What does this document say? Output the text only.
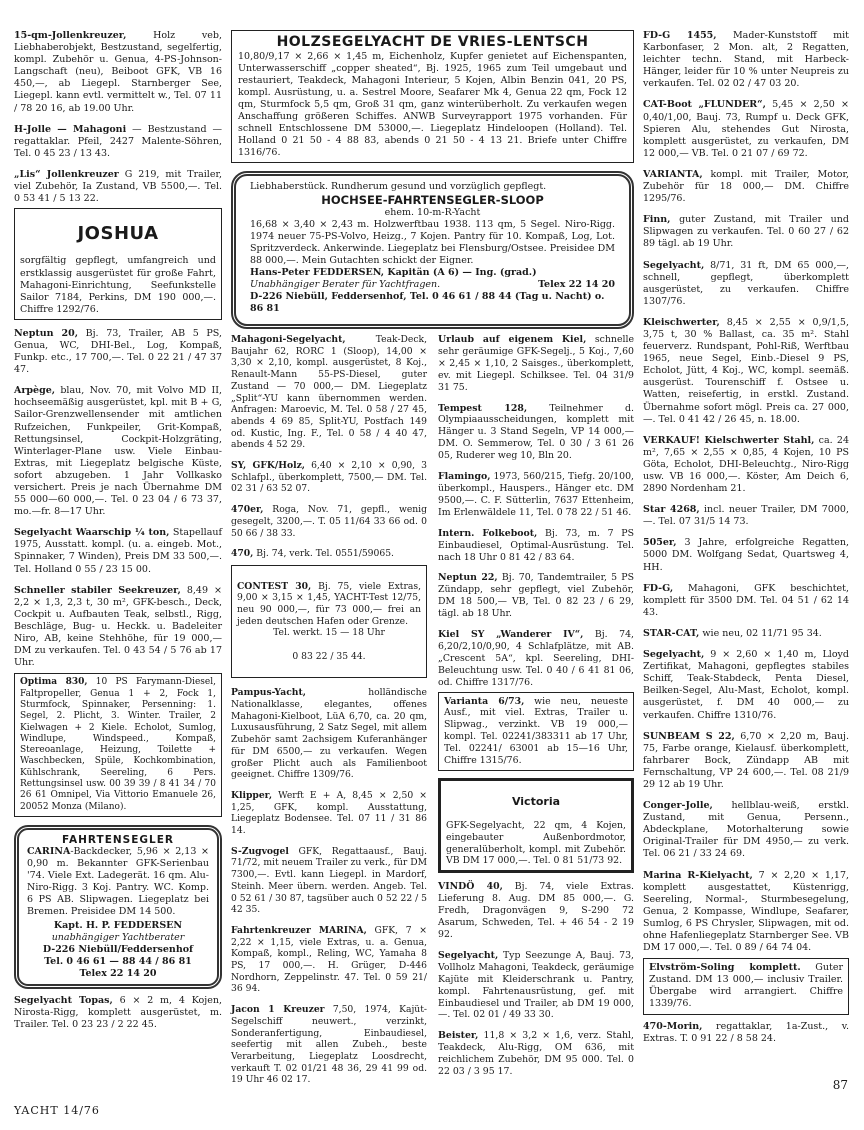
15-qm-Jollenkreuzer, Holz veb, Liebhaberobjekt, Bestzustand, segelfertig, kompl. Zubehör u. Genua, 4-PS-Johnson-Langschaft (neu), Beiboot GFK, VB 16 450,—, ab Liegepl. Starnberger See, Liegepl. kann evtl. vermittelt w., Tel. 07 11 / 78 20 16, ab 19.00 Uhr.

H-Jolle — Mahagoni — Bestzustand — regattaklar. Pfeil, 2427 Malente-Söhren, Tel. 0 45 23 / 13 43.

„Lis“ Jollenkreuzer G 219, mit Trailer, viel Zubehör, Ia Zustand, VB 5500,—. Tel. 0 53 41 / 5 13 22.

JOSHUA

sorgfältig gepflegt, umfangreich und erstklassig ausgerüstet für große Fahrt, Mahagoni-Einrichtung, Seefunkstelle Sailor 7184, Perkins, DM 190 000,—. Chiffre 1292/76.

Neptun 20, Bj. 73, Trailer, AB 5 PS, Genua, WC, DHI-Bel., Log, Kompaß, Funkp. etc., 17 700,—. Tel. 0 22 21 / 47 37 47.

Arpège, blau, Nov. 70, mit Volvo MD II, hochseemäßig ausgerüstet, kpl. mit B + G, Sailor-Grenzwellensender mit amtlichen Rufzeichen, Funkpeiler, Grit-Kompaß, Rettungsinsel, Cockpit-Holzgräting, Winterlager-Plane usw. Viele Einbau-Extras, mit Liegeplatz belgische Küste, sofort abzugeben. 1 Jahr Vollkasko versichert. Preis je nach Übernahme DM 55 000—60 000,—. Tel. 0 23 04 / 6 73 37, mo.—fr. 8—17 Uhr.

Segelyacht Waarschip ¼ ton, Stapellauf 1975, Ausstatt. kompl. (u. a. eingeb. Mot., Spinnaker, 7 Winden), Preis DM 33 500,—. Tel. Holland 0 55 / 23 15 00.

Schneller stabiler Seekreuzer, 8,49 × 2,2 × 1,3, 2,3 t, 30 m², GFK-besch., Deck, Cockpit u. Aufbauten Teak, selbstl., Rigg, Beschläge, Bug- u. Heckk. u. Badeleiter Niro, AB, keine Stehhöhe, für 19 000,— DM zu verkaufen. Tel. 0 43 54 / 5 76 ab 17 Uhr.

Optima 830, 10 PS Farymann-Diesel, Faltpropeller, Genua 1 + 2, Fock 1, Sturmfock, Spinnaker, Persenning: 1. Segel, 2. Plicht, 3. Winter. Trailer, 2 Kielwagen + 2 Kiele. Echolot, Sumlog, Windlupe, Windspeed., Kompaß, Stereoanlage, Heizung, Toilette + Waschbecken, Spüle, Kochkombination, Kühlschrank, Seereling, 6 Pers. Rettungsinsel usw. 00 39 39 / 8 41 34 / 70 26 61 Omnipel, Via Vittorio Emanuele 26, 20052 Monza (Milano).
FAHRTENSEGLER
CARINA-Backdecker, 5,96 × 2,13 × 0,90 m. Bekannter GFK-Serienbau '74. Viele Ext. Ladegerät. 16 qm. Alu-Niro-Rigg. 3 Koj. Pantry. WC. Komp. 6 PS AB. Slipwagen. Liegeplatz bei Bremen. Preisidee DM 14 500.
Kapt. H. P. FEDDERSEN
unabhängiger Yachtberater
D-226 Niebüll/Feddersenhof
Tel. 0 46 61 — 88 44 / 86 81
Telex 22 14 20

Segelyacht Topas, 6 × 2 m, 4 Kojen, Nirosta-Rigg, komplett ausgerüstet, m. Trailer. Tel. 0 23 23 / 2 22 45.

HOLZSEGELYACHT DE VRIES-LENTSCH
10,80/9,17 × 2,66 × 1,45 m, Eichenholz, Kupfer genietet auf Eichenspanten, Unterwasserschiff „copper sheated“, Bj. 1925, 1965 zum Teil umgebaut und restauriert, Teakdeck, Mahagoni Interieur, 5 Kojen, Albin Benzin 041, 20 PS, kompl. Ausrüstung, u. a. Sestrel Moore, Seafarer Mk 4, Genua 22 qm, Fock 12 qm, Sturmfock 5,5 qm, Groß 31 qm, ganz winterüberholt. Zu verkaufen wegen Anschaffung größeren Schiffes. ANWB Surveyrapport 1975 vorhanden. Für schnell Entschlossene DM 53000,—. Liegeplatz Hindeloopen (Holland). Tel. Holland 0 21 50 - 4 88 83, abends 0 21 50 - 4 13 21. Briefe unter Chiffre 1316/76.
Liebhaberstück. Rundherum gesund und vorzüglich gepflegt.
HOCHSEE-FAHRTENSEGLER-SLOOP
ehem. 10-m-R-Yacht
16,68 × 3,40 × 2,43 m. Holzwerftbau 1938. 113 qm, 5 Segel. Niro-Rigg. 1974 neuer 75-PS-Volvo, Heizg., 7 Kojen. Pantry für 10. Kompaß, Log, Lot. Spritzverdeck. Ankerwinde. Liegeplatz bei Flensburg/Ostsee. Preisidee DM 88 000,—. Mein Gutachten schickt der Eigner.
Hans-Peter FEDDERSEN, Kapitän (A 6) — Ing. (grad.)
Unabhängiger Berater für Yachtfragen.	Telex 22 14 20
D-226 Niebüll, Feddersenhof, Tel. 0 46 61 / 88 44 (Tag u. Nacht) o. 86 81

Mahagoni-Segelyacht, Teak-Deck, Baujahr 62, RORC 1 (Sloop), 14,00 × 3,30 × 2,10, kompl. ausgerüstet, 8 Koj., Renault-Mann 55-PS-Diesel, guter Zustand — 70 000,— DM. Liegeplatz „Split“-YU kann übernommen werden. Anfragen: Maroevic, M. Tel. 0 58 / 27 45, abends 4 69 85, Split-YU, Postfach 149 od. Kustic, Ing. F., Tel. 0 58 / 4 40 47, abends 4 52 29.

SY, GFK/Holz, 6,40 × 2,10 × 0,90, 3 Schlafpl., überkomplett, 7500,— DM. Tel. 02 31 / 63 52 07.

470er, Roga, Nov. 71, gepfl., wenig gesegelt, 3200,—. T. 05 11/64 33 66 od. 0 50 66 / 38 33.

470, Bj. 74, verk. Tel. 0551/59065.

CONTEST 30, Bj. 75, viele Extras, 9,00 × 3,15 × 1,45, YACHT-Test 12/75, neu 90 000,—, für 73 000,— frei an jeden deutschen Hafen oder Grenze.

Tel. werkt. 15 — 18 Uhr

0 83 22 / 35 44.

Pampus-Yacht, holländische Nationalklasse, elegantes, offenes Mahagoni-Kielboot, LüA 6,70, ca. 20 qm, Luxusausführung, 2 Satz Segel, mit allem Zubehör samt 2achsigem Kuferanhänger für DM 6500,— zu verkaufen. Wegen großer Plicht auch als Familienboot geeignet. Chiffre 1309/76.

Klipper, Werft E + A, 8,45 × 2,50 × 1,25, GFK, kompl. Ausstattung, Liegeplatz Bodensee. Tel. 07 11 / 31 86 14.

S-Zugvogel GFK, Regattaausf., Bauj. 71/72, mit neuem Trailer zu verk., für DM 7300,—. Evtl. kann Liegepl. in Mardorf, Steinh. Meer übern. werden. Angeb. Tel. 0 52 61 / 30 87, tagsüber auch 0 52 22 / 5 42 35.

Fahrtenkreuzer MARINA, GFK, 7 × 2,22 × 1,15, viele Extras, u. a. Genua, Kompaß, kompl., Reling, WC, Yamaha 8 PS, 17 000,—. H. Grüger, D-446 Nordhorn, Zeppelinstr. 47. Tel. 0 59 21/ 36 94.

Jacon 1 Kreuzer 7,50, 1974, Kajüt-Segelschiff neuwert., verzinkt, Sonderanfertigung, Einbaudiesel, seefertig mit allen Zubeh., beste Verarbeitung, Liegeplatz Loosdrecht, verkauft T. 02 01/21 48 36, 29 41 99 od. 19 Uhr 46 02 17.

Urlaub auf eigenem Kiel, schnelle sehr geräumige GFK-Segelj., 5 Koj., 7,60 × 2,45 × 1,10, 2 Saisges., überkomplett, ev. mit Liegepl. Schilksee. Tel. 04 31/9 31 75.

Tempest 128, Teilnehmer d. Olympiaausscheidungen, komplett mit Hänger u. 3 Stand Segeln, VP 14 000,— DM. O. Semmerow, Tel. 0 30 / 3 61 26 05, Ruderer weg 10, Bln 20.

Flamingo, 1973, 560/215, Tiefg. 20/100, überkompl., Hauspers., Hänger etc. DM 9500,—. C. F. Sütterlin, 7637 Ettenheim, Im Erlenwäldele 11, Tel. 0 78 22 / 51 46.

Intern. Folkeboot, Bj. 73, m. 7 PS Einbaudiesel, Optimal-Ausrüstung. Tel. nach 18 Uhr 0 81 42 / 83 64.

Neptun 22, Bj. 70, Tandemtrailer, 5 PS Zündapp, sehr gepflegt, viel Zubehör, DM 18 500,— VB, Tel. 0 82 23 / 6 29, tägl. ab 18 Uhr.

Kiel SY „Wanderer IV“, Bj. 74, 6,20/2,10/0,90, 4 Schlafplätze, mit AB. „Crescent 5A“, kpl. Seereling, DHI-Beleuchtung usw. Tel. 0 40 / 6 41 81 06, od. Chiffre 1317/76.

Varianta 6/73, wie neu, neueste Ausf., mit viel. Extras, Trailer u. Slipwag., verzinkt. VB 19 000,— kompl. Tel. 02241/383311 ab 17 Uhr, Tel. 02241/ 63001 ab 15—16 Uhr, Chiffre 1315/76.

Victoria

GFK-Segelyacht, 22 qm, 4 Kojen, eingebauter Außenbordmotor, generalüberholt, kompl. mit Zubehör. VB DM 17 000,—. Tel. 0 81 51/73 92.

VINDÖ 40, Bj. 74, viele Extras. Lieferung 8. Aug. DM 85 000,—. G. Fredh, Dragonvägen 9, S-290 72 Asarum, Schweden, Tel. + 46 54 - 2 19 92.

Segelyacht, Typ Seezunge A, Bauj. 73, Vollholz Mahagoni, Teakdeck, geräumige Kajüte mit Kleiderschrank u. Pantry, kompl. Fahrtenausrüstung, gef. mit Einbaudiesel und Trailer, ab DM 19 000,—. Tel. 02 01 / 49 33 30.

Beister, 11,8 × 3,2 × 1,6, verz. Stahl, Teakdeck, Alu-Rigg, OM 636, mit reichlichem Zubehör, DM 95 000. Tel. 0 22 03 / 3 95 17.

FD-G 1455, Mader-Kunststoff mit Karbonfaser, 2 Mon. alt, 2 Regatten, leichter techn. Stand, mit Harbeck-Hänger, leider für 10 % unter Neupreis zu verkaufen. Tel. 02 02 / 47 03 20.

CAT-Boot „FLUNDER“, 5,45 × 2,50 × 0,40/1,00, Bauj. 73, Rumpf u. Deck GFK, Spieren Alu, stehendes Gut Nirosta, komplett ausgerüstet, zu verkaufen, DM 12 000,— VB. Tel. 0 21 07 / 69 72.

VARIANTA, kompl. mit Trailer, Motor, Zubehör für 18 000,— DM. Chiffre 1295/76.

Finn, guter Zustand, mit Trailer und Slipwagen zu verkaufen. Tel. 0 60 27 / 62 89 tägl. ab 19 Uhr.

Segelyacht, 8/71, 31 ft, DM 65 000,—, schnell, gepflegt, überkomplett ausgerüstet, zu verkaufen. Chiffre 1307/76.

Kleischwerter, 8,45 × 2,55 × 0,9/1,5, 3,75 t, 30 % Ballast, ca. 35 m². Stahl feuerverz. Rundspant, Pohl-Riß, Werftbau 1965, neue Segel, Einb.-Diesel 9 PS, Echolot, Jütt, 4 Koj., WC, kompl. seemäß. ausgerüst. Tourenschiff f. Ostsee u. Watten, reisefertig, in erstkl. Zustand. Übernahme sofort mögl. Preis ca. 27 000,—. Tel. 0 41 42 / 26 45, n. 18.00.

VERKAUF! Kielschwerter Stahl, ca. 24 m², 7,65 × 2,55 × 0,85, 4 Kojen, 10 PS Göta, Echolot, DHI-Beleuchtg., Niro-Rigg usw. VB 16 000,—. Köster, Am Deich 6, 2890 Nordenham 21.

Star 4268, incl. neuer Trailer, DM 7000,—. Tel. 07 31/5 14 73.

505er, 3 Jahre, erfolgreiche Regatten, 5000 DM. Wolfgang Sedat, Quartsweg 4, HH.

FD-G, Mahagoni, GFK beschichtet, komplett für 3500 DM. Tel. 04 51 / 62 14 43.

STAR-CAT, wie neu, 02 11/71 95 34.

Segelyacht, 9 × 2,60 × 1,40 m, Lloyd Zertifikat, Mahagoni, gepflegtes stabiles Schiff, Teak-Stabdeck, Penta Diesel, Beilken-Segel, Alu-Mast, Echolot, kompl. ausgerüstet, f. DM 40 000,— zu verkaufen. Chiffre 1310/76.

SUNBEAM S 22, 6,70 × 2,20 m, Bauj. 75, Farbe orange, Kielausf. überkomplett, fahrbarer Bock, Zündapp AB mit Fernschaltung, VP 24 600,—. Tel. 08 21/9 29 12 ab 19 Uhr.

Conger-Jolle, hellblau-weiß, erstkl. Zustand, mit Genua, Persenn., Abdeckplane, Motorhalterung sowie Original-Trailer für DM 4950,— zu verk. Tel. 06 21 / 33 24 69.

Marina R-Kielyacht, 7 × 2,20 × 1,17, komplett ausgestattet, Küstenrigg, Seereling, Normal-, Sturmbesegelung, Genua, 2 Kompasse, Windlupe, Seafarer, Sumlog, 6 PS Chrysler, Slipwagen, mit od. ohne Hafenliegeplatz Starnberger See. VB DM 17 000,—. Tel. 0 89 / 64 74 04.

Elvström-Soling komplett. Guter Zustand. DM 13 000,— inclusiv Trailer. Übergabe wird arrangiert. Chiffre 1339/76.

470-Morin, regattaklar, 1a-Zust., v. Extras. T. 0 91 22 / 8 58 24.

YACHT 14/76
87
